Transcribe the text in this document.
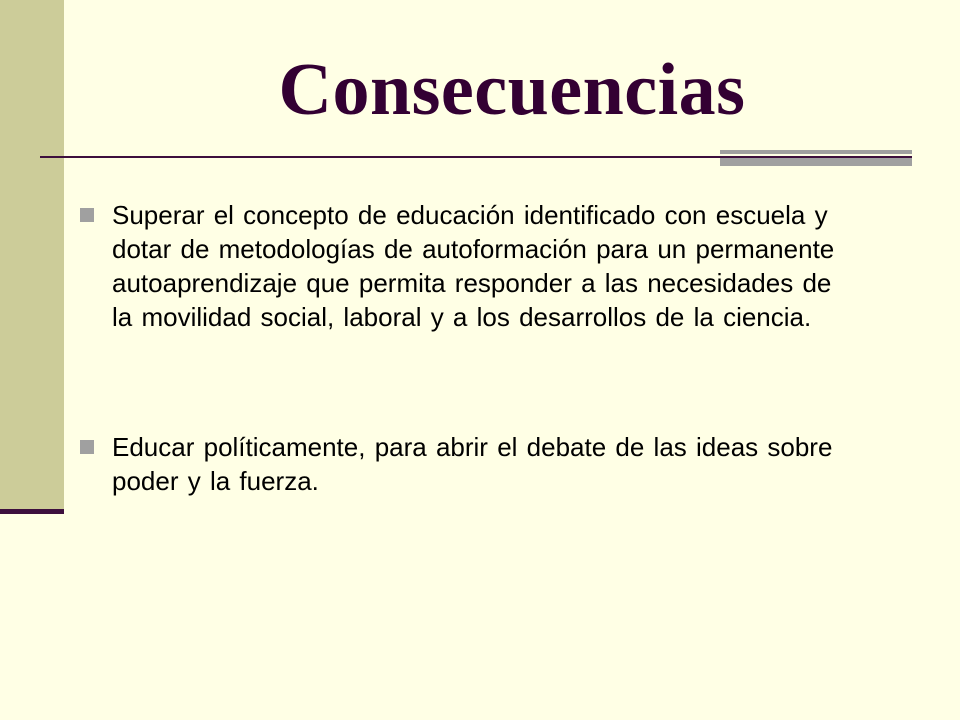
Consecuencias
Superar el concepto de educación identificado con escuela y dotar de metodologías de autoformación para un permanente autoaprendizaje que permita responder a las necesidades de la movilidad social, laboral y a los desarrollos de la ciencia.
Educar políticamente, para abrir el debate de las ideas sobre poder y la fuerza.
